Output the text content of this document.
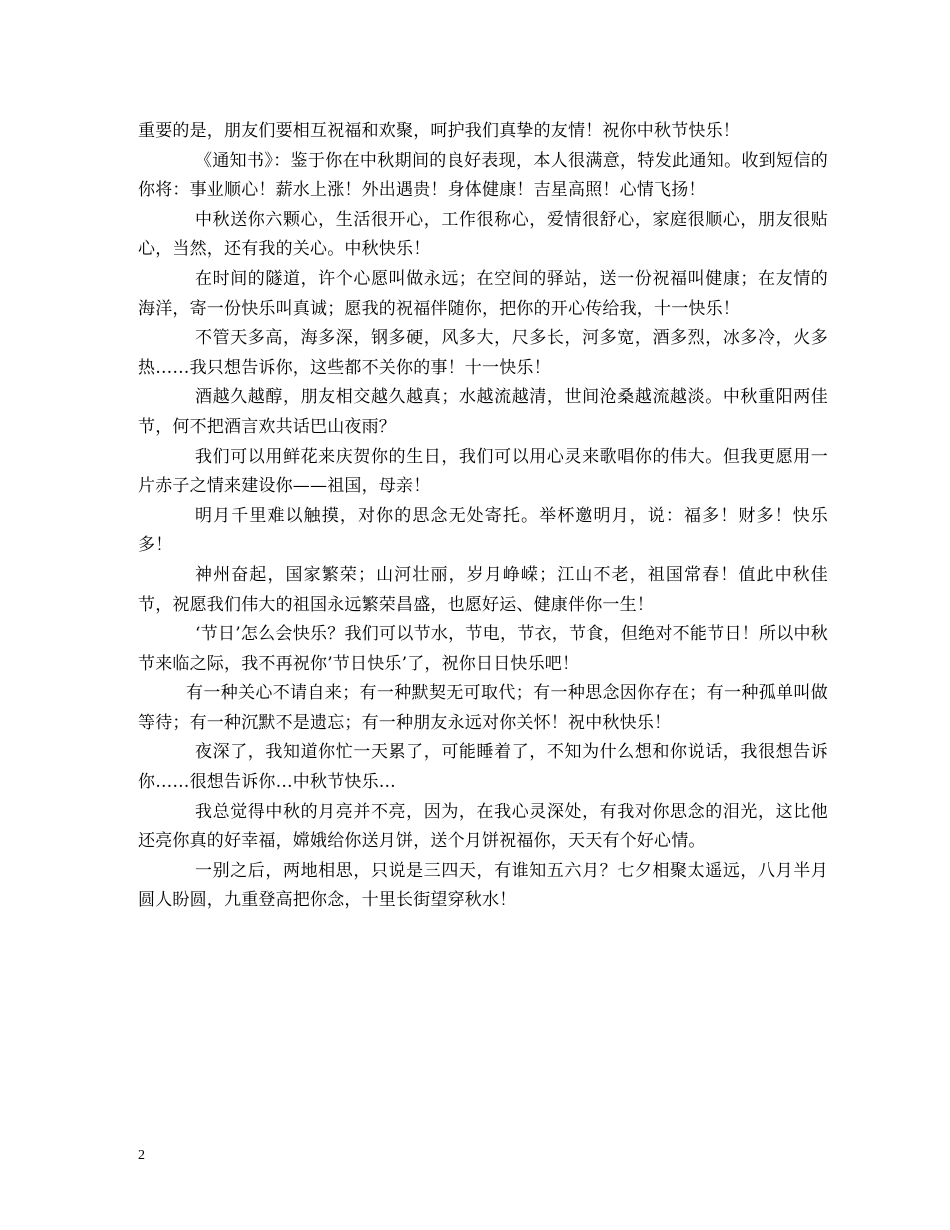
重要的是，朋友们要相互祝福和欢聚，呵护我们真挚的友情！祝你中秋节快乐！

《通知书》：鉴于你在中秋期间的良好表现，本人很满意，特发此通知。收到短信的你将：事业顺心！薪水上涨！外出遇贵！身体健康！吉星高照！心情飞扬！

中秋送你六颗心，生活很开心，工作很称心，爱情很舒心，家庭很顺心，朋友很贴心，当然，还有我的关心。中秋快乐！

在时间的隧道，许个心愿叫做永远；在空间的驿站，送一份祝福叫健康；在友情的海洋，寄一份快乐叫真诚；愿我的祝福伴随你，把你的开心传给我，十一快乐！

不管天多高，海多深，钢多硬，风多大，尺多长，河多宽，酒多烈，冰多冷，火多热……我只想告诉你，这些都不关你的事！十一快乐！

酒越久越醇，朋友相交越久越真；水越流越清，世间沧桑越流越淡。中秋重阳两佳节，何不把酒言欢共话巴山夜雨？

我们可以用鲜花来庆贺你的生日，我们可以用心灵来歌唱你的伟大。但我更愿用一片赤子之情来建设你——祖国，母亲！

明月千里难以触摸，对你的思念无处寄托。举杯邀明月，说：福多！财多！快乐多！

神州奋起，国家繁荣；山河壮丽，岁月峥嵘；江山不老，祖国常春！值此中秋佳节，祝愿我们伟大的祖国永远繁荣昌盛，也愿好运、健康伴你一生！

‘节日’怎么会快乐？我们可以节水，节电，节衣，节食，但绝对不能节日！所以中秋节来临之际，我不再祝你’节日快乐’了，祝你日日快乐吧！

有一种关心不请自来；有一种默契无可取代；有一种思念因你存在；有一种孤单叫做等待；有一种沉默不是遗忘；有一种朋友永远对你关怀！祝中秋快乐！

夜深了，我知道你忙一天累了，可能睡着了，不知为什么想和你说话，我很想告诉你……很想告诉你…中秋节快乐…

我总觉得中秋的月亮并不亮，因为，在我心灵深处，有我对你思念的泪光，这比他还亮你真的好幸福，嫦娥给你送月饼，送个月饼祝福你，天天有个好心情。

一别之后，两地相思，只说是三四天，有谁知五六月？七夕相聚太遥远，八月半月圆人盼圆，九重登高把你念，十里长街望穿秋水！

2
